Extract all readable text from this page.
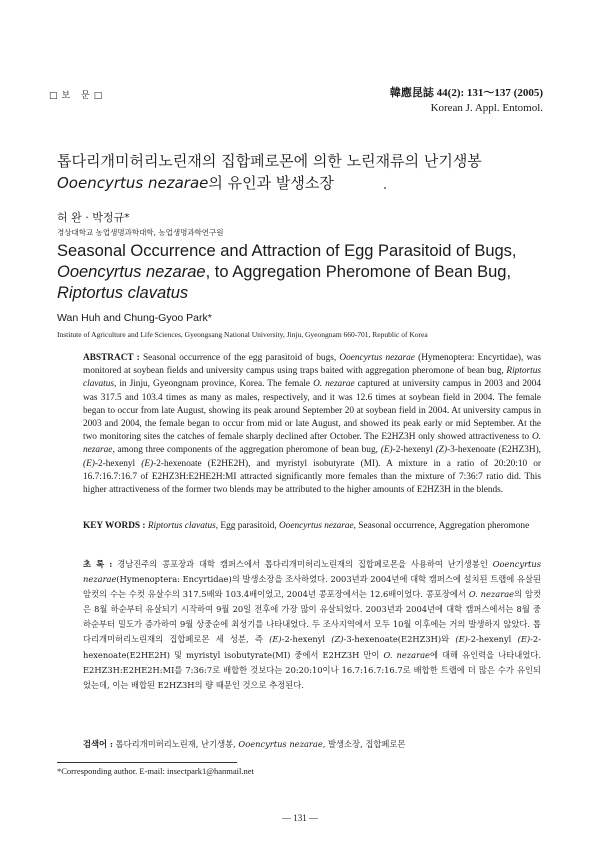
□보 문□	韓應昆誌 44(2): 131～137 (2005)
Korean J. Appl. Entomol.
톱다리개미허리노린재의 집합페로몬에 의한 노린재류의 난기생봉 Ooencyrtus nezarae의 유인과 발생소장
허 완 · 박정규*
경상대학교 농업생명과학대학, 농업생명과학연구원
Seasonal Occurrence and Attraction of Egg Parasitoid of Bugs, Ooencyrtus nezarae, to Aggregation Pheromone of Bean Bug, Riptortus clavatus
Wan Huh and Chung-Gyoo Park*
Institute of Agriculture and Life Sciences, Gyeongsang National University, Jinju, Gyeongnam 660-701, Republic of Korea
ABSTRACT : Seasonal occurrence of the egg parasitoid of bugs, Ooencyrtus nezarae (Hymenoptera: Encyrtidae), was monitored at soybean fields and university campus using traps baited with aggregation pheromone of bean bug, Riptortus clavatus, in Jinju, Gyeongnam province, Korea. The female O. nezarae captured at university campus in 2003 and 2004 was 317.5 and 103.4 times as many as males, respectively, and it was 12.6 times at soybean field in 2004. The female began to occur from late August, showing its peak around September 20 at soybean field in 2004. At university campus in 2003 and 2004, the female began to occur from mid or late August, and showed its peak early or mid September. At the two monitoring sites the catches of female sharply declined after October. The E2HZ3H only showed attractiveness to O. nezarae, among three components of the aggregation pheromone of bean bug, (E)-2-hexenyl (Z)-3-hexenoate (E2HZ3H), (E)-2-hexenyl (E)-2-hexenoate (E2HE2H), and myristyl isobutyrate (MI). A mixture in a ratio of 20:20:10 or 16.7:16.7:16.7 of E2HZ3H:E2HE2H:MI attracted significantly more females than the mixture of 7:36:7 ratio did. This higher attractiveness of the former two blends may be attributed to the higher amounts of E2HZ3H in the blends.
KEY WORDS : Riptortus clavatus, Egg parasitoid, Ooencyrtus nezarae, Seasonal occurrence, Aggregation pheromone
초 록 : 경남진주의 콩포장과 대학 캠퍼스에서 톱다리개미허리노린재의 집합페로몬을 사용하여 난기생봉인 Ooencyrtus nezarae(Hymenoptera: Encyrtidae)의 발생소장을 조사하였다. 2003년과 2004년에 대학 캠퍼스에 설치된 트랩에 유살된 암컷의 수는 수컷 유살수의 317.5배와 103.4배이었고, 2004년 콩포장에서는 12.6배이었다. 콩포장에서 O. nezarae의 암컷은 8월 하순부터 유살되기 시작하여 9월 20일 전후에 가장 많이 유살되었다. 2003년과 2004년에 대학 캠퍼스에서는 8월 중하순부터 밀도가 증가하여 9월 상중순에 최성기를 나타내었다. 두 조사지역에서 모두 10월 이후에는 거의 발생하지 않았다. 톱다리개미허리노린재의 집합페로몬 세 성분, 즉 (E)-2-hexenyl (Z)-3-hexenoate(E2HZ3H)와 (E)-2-hexenyl (E)-2-hexenoate(E2HE2H) 및 myristyl isobutyrate(MI) 중에서 E2HZ3H 만이 O. nezarae에 대해 유인력을 나타내었다. E2HZ3H:E2HE2H:MI를 7:36:7로 배합한 것보다는 20:20:10이나 16.7:16.7:16.7로 배합한 트랩에 더 많은 수가 유인되었는데, 이는 배합된 E2HZ3H의 량 때문인 것으로 추정된다.
검색어 : 톱다리개미허리노린재, 난기생봉, Ooencyrtus nezarae, 발생소장, 집합페로몬
*Corresponding author. E-mail: insectpark1@hanmail.net
— 131 —
